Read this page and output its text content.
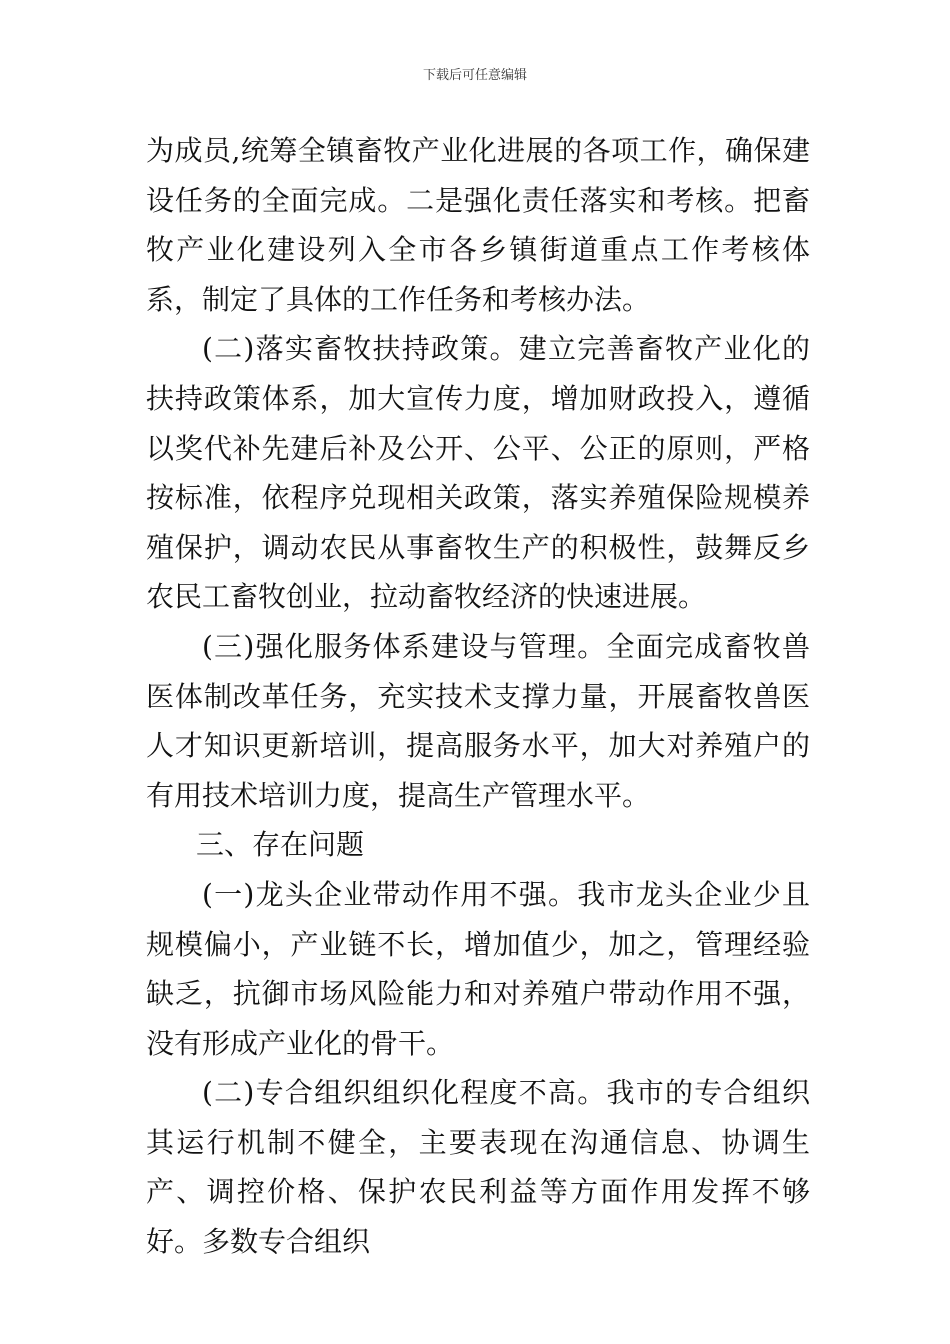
下载后可任意编辑

为成员,统筹全镇畜牧产业化进展的各项工作，确保建设任务的全面完成。二是强化责任落实和考核。把畜牧产业化建设列入全市各乡镇街道重点工作考核体系，制定了具体的工作任务和考核办法。

(二)落实畜牧扶持政策。建立完善畜牧产业化的扶持政策体系，加大宣传力度，增加财政投入，遵循以奖代补先建后补及公开、公平、公正的原则，严格按标准，依程序兑现相关政策，落实养殖保险规模养殖保护，调动农民从事畜牧生产的积极性，鼓舞反乡农民工畜牧创业，拉动畜牧经济的快速进展。

(三)强化服务体系建设与管理。全面完成畜牧兽医体制改革任务，充实技术支撑力量，开展畜牧兽医人才知识更新培训，提高服务水平，加大对养殖户的有用技术培训力度，提高生产管理水平。

三、存在问题

(一)龙头企业带动作用不强。我市龙头企业少且规模偏小，产业链不长，增加值少，加之，管理经验缺乏，抗御市场风险能力和对养殖户带动作用不强，没有形成产业化的骨干。

(二)专合组织组织化程度不高。我市的专合组织其运行机制不健全，主要表现在沟通信息、协调生产、调控价格、保护农民利益等方面作用发挥不够好。多数专合组织
